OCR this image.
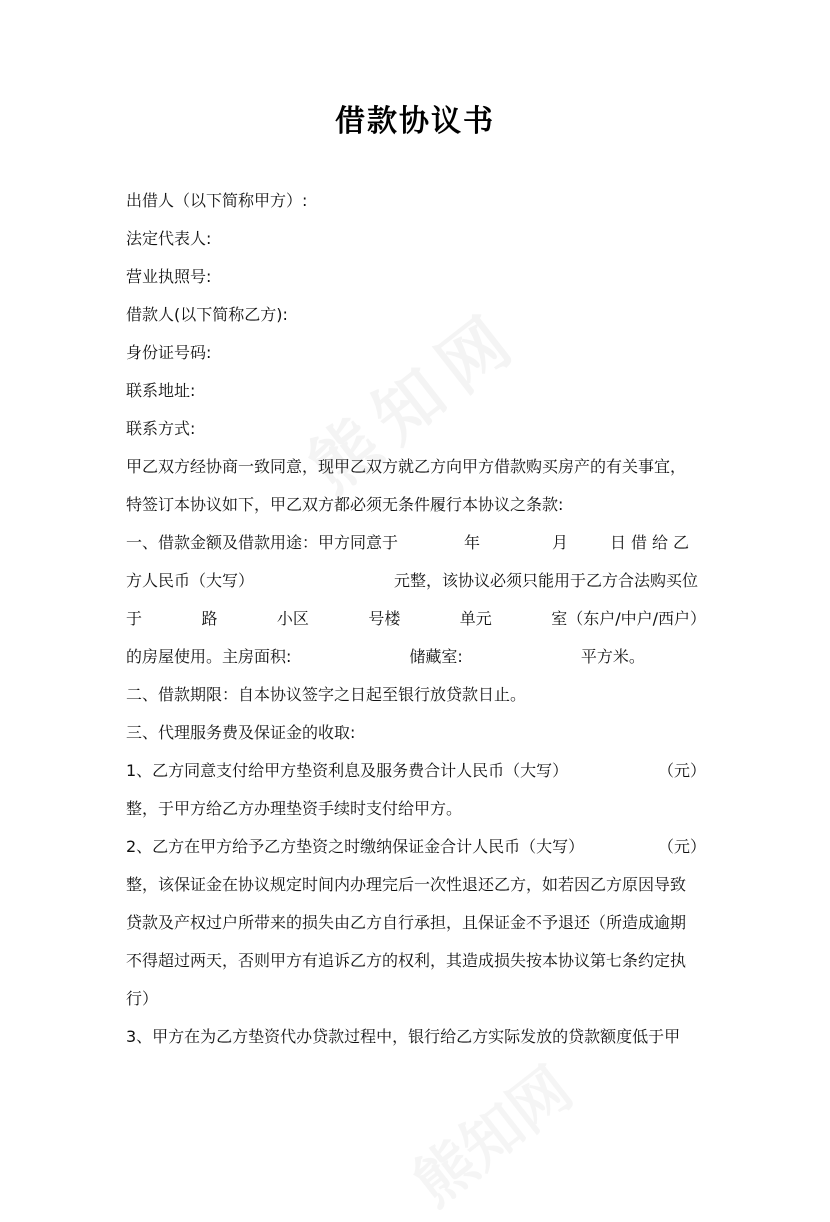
借款协议书
出借人（以下简称甲方）:
法定代表人:
营业执照号:
借款人(以下简称乙方):
身份证号码:
联系地址:
联系方式:
甲乙双方经协商一致同意，现甲乙双方就乙方向甲方借款购买房产的有关事宜，
特签订本协议如下，甲乙双方都必须无条件履行本协议之条款:
一、借款金额及借款用途：甲方同意于	年	月	日借给乙
方人民币（大写）	元整，该协议必须只能用于乙方合法购买位
于	路	小区	号楼	单元	室（东户/中户/西户）
的房屋使用。主房面积:	储藏室:	平方米。
二、借款期限：自本协议签字之日起至银行放贷款日止。
三、代理服务费及保证金的收取:
1、乙方同意支付给甲方垫资利息及服务费合计人民币（大写）	（元）
整，于甲方给乙方办理垫资手续时支付给甲方。
2、乙方在甲方给予乙方垫资之时缴纳保证金合计人民币（大写）	（元）
整，该保证金在协议规定时间内办理完后一次性退还乙方，如若因乙方原因导致
贷款及产权过户所带来的损失由乙方自行承担，且保证金不予退还（所造成逾期
不得超过两天，否则甲方有追诉乙方的权利，其造成损失按本协议第七条约定执
行）
3、甲方在为乙方垫资代办贷款过程中，银行给乙方实际发放的贷款额度低于甲
